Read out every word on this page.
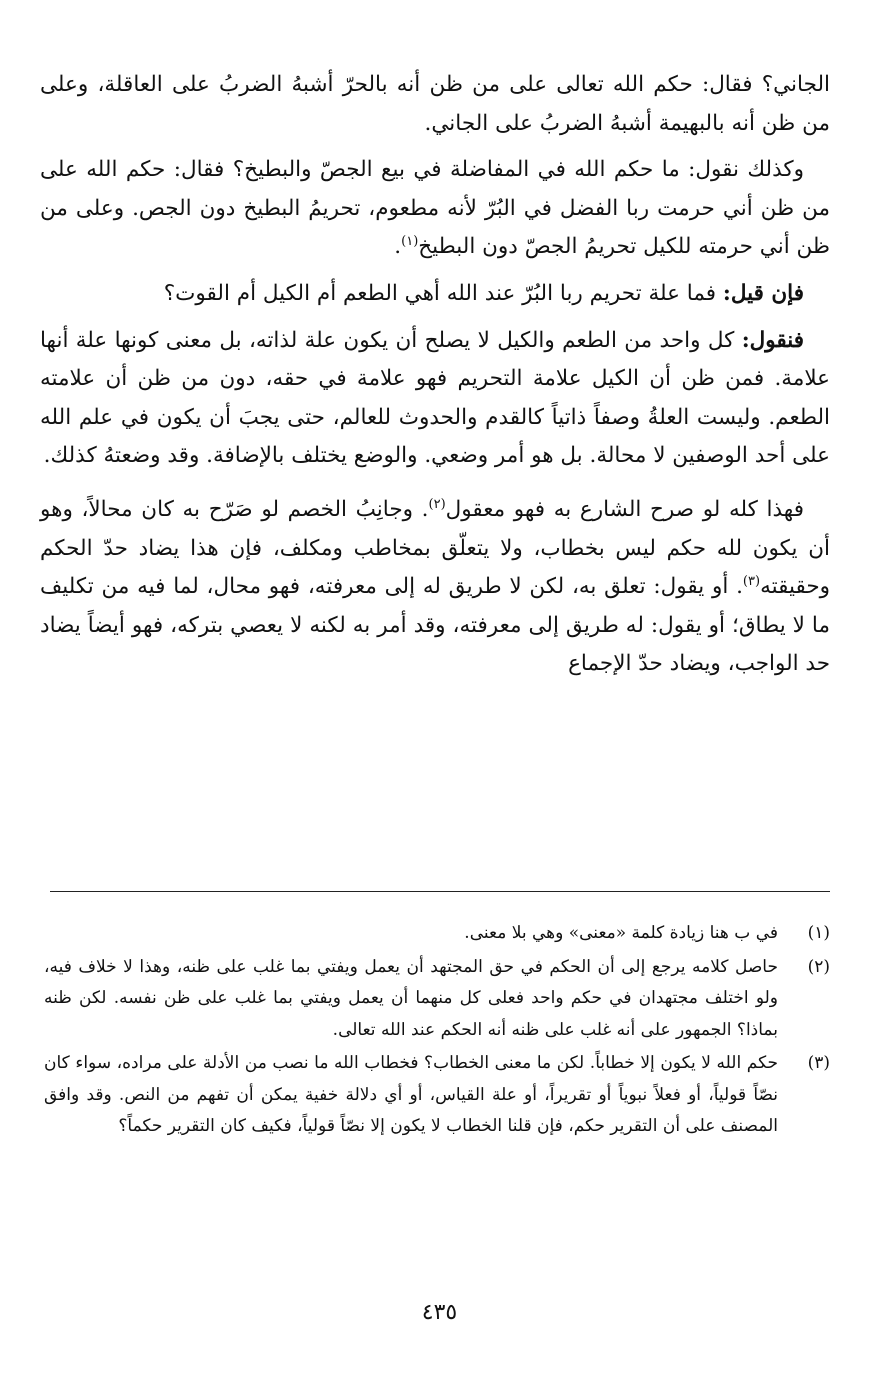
الجاني؟ فقال: حكم الله تعالى على من ظن أنه بالحرّ أشبهُ الضربُ على العاقلة، وعلى من ظن أنه بالبهيمة أشبهُ الضربُ على الجاني.

وكذلك نقول: ما حكم الله في المفاضلة في بيع الجصّ والبطيخ؟ فقال: حكم الله على من ظن أني حرمت ربا الفضل في البُرّ لأنه مطعوم، تحريمُ البطيخ دون الجص. وعلى من ظن أني حرمته للكيل تحريمُ الجصّ دون البطيخ$^{(١)}$.

فإن قيل: فما علة تحريم ربا البُرّ عند الله أهي الطعم أم الكيل أم القوت؟

فنقول: كل واحد من الطعم والكيل لا يصلح أن يكون علة لذاته، بل معنى كونها علة أنها علامة. فمن ظن أن الكيل علامة التحريم فهو علامة في حقه، دون من ظن أن علامته الطعم. وليست العلةُ وصفاً ذاتياً كالقدم والحدوث للعالم، حتى يجبَ أن يكون في علم الله على أحد الوصفين لا محالة. بل هو أمر وضعي. والوضع يختلف بالإضافة. وقد وضعتهُ كذلك.

فهذا كله لو صرح الشارع به فهو معقول$^{(٢)}$. وجانِبُ الخصم لو صَرّح به كان محالاً، وهو أن يكون لله حكم ليس بخطاب، ولا يتعلّق بمخاطب ومكلف، فإن هذا يضاد حدّ الحكم وحقيقته$^{(٣)}$. أو يقول: تعلق به، لكن لا طريق له إلى معرفته، فهو محال، لما فيه من تكليف ما لا يطاق؛ أو يقول: له طريق إلى معرفته، وقد أمر به لكنه لا يعصي بتركه، فهو أيضاً يضاد حد الواجب، ويضاد حدّ الإجماع

(١)
في ب هنا زيادة كلمة «معنى» وهي بلا معنى.
(٢)
حاصل كلامه يرجع إلى أن الحكم في حق المجتهد أن يعمل ويفتي بما غلب على ظنه، وهذا لا خلاف فيه، ولو اختلف مجتهدان في حكم واحد فعلى كل منهما أن يعمل ويفتي بما غلب على ظن نفسه. لكن ظنه بماذا؟ الجمهور على أنه غلب على ظنه أنه الحكم عند الله تعالى.
(٣)
حكم الله لا يكون إلا خطاباً. لكن ما معنى الخطاب؟ فخطاب الله ما نصب من الأدلة على مراده، سواء كان نصّاً قولياً، أو فعلاً نبوياً أو تقريراً، أو علة القياس، أو أي دلالة خفية يمكن أن تفهم من النص. وقد وافق المصنف على أن التقرير حكم، فإن قلنا الخطاب لا يكون إلا نصّاً قولياً، فكيف كان التقرير حكماً؟
٤٣٥
